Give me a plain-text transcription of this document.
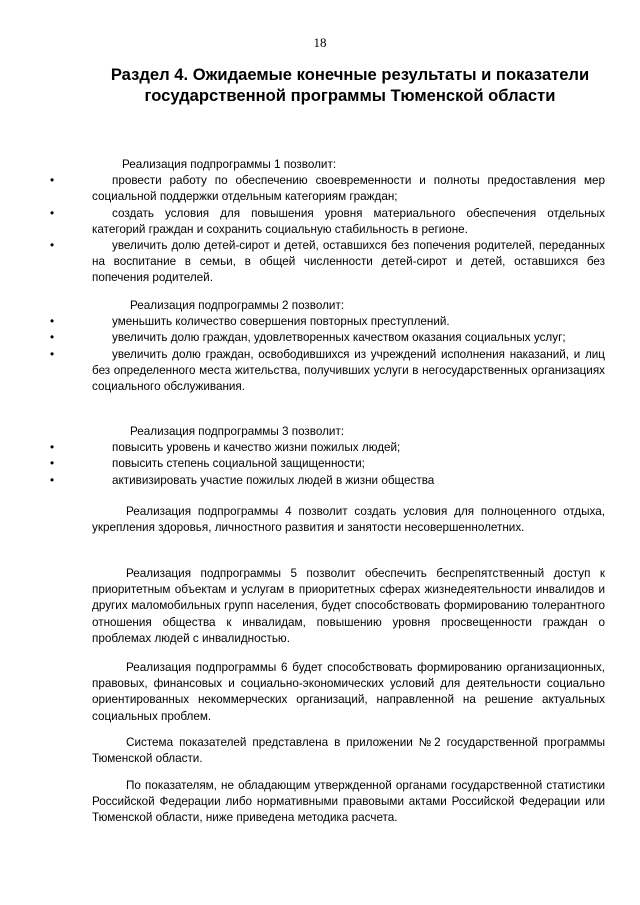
18
Раздел 4. Ожидаемые конечные результаты и показатели государственной программы Тюменской области
Реализация подпрограммы 1 позволит:
•	провести работу по обеспечению своевременности и полноты предоставления мер социальной поддержки отдельным категориям граждан;
•	создать условия для повышения уровня материального обеспечения отдельных категорий граждан и сохранить социальную стабильность в регионе.
•	увеличить долю детей-сирот и детей, оставшихся без попечения родителей, переданных на воспитание в семьи, в общей численности детей-сирот и детей, оставшихся без попечения родителей.
Реализация подпрограммы 2 позволит:
•	уменьшить количество совершения повторных преступлений.
•	увеличить долю граждан, удовлетворенных качеством оказания социальных услуг;
•	увеличить долю граждан, освободившихся из учреждений исполнения наказаний, и лиц без определенного места жительства, получивших услуги в негосударственных организациях социального обслуживания.
Реализация подпрограммы 3 позволит:
•	повысить уровень и качество жизни пожилых людей;
•	повысить степень социальной защищенности;
•	активизировать участие пожилых людей в жизни общества
Реализация подпрограммы 4 позволит создать условия для полноценного отдыха, укрепления здоровья, личностного развития и занятости несовершеннолетних.
Реализация подпрограммы 5 позволит обеспечить беспрепятственный доступ к приоритетным объектам и услугам в приоритетных сферах жизнедеятельности инвалидов и других маломобильных групп населения, будет способствовать формированию толерантного отношения общества к инвалидам, повышению уровня просвещенности граждан о проблемах людей с инвалидностью.
Реализация подпрограммы 6 будет способствовать формированию организационных, правовых, финансовых и социально-экономических условий для деятельности социально ориентированных некоммерческих организаций, направленной на решение актуальных социальных проблем.
Система показателей представлена в приложении №2 государственной программы Тюменской области.
По показателям, не обладающим утвержденной органами государственной статистики Российской Федерации либо нормативными правовыми актами Российской Федерации или Тюменской области, ниже приведена методика расчета.
